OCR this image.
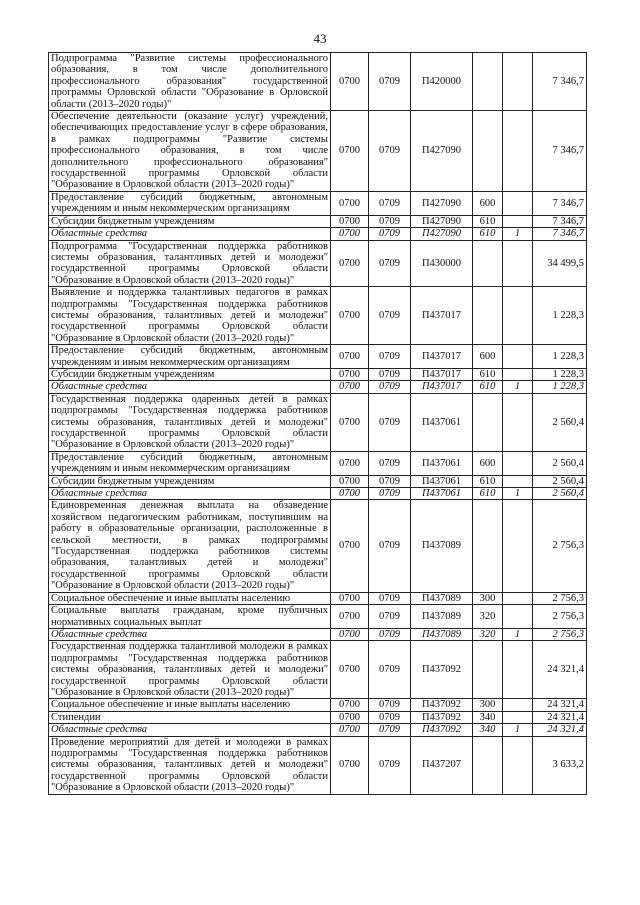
43
Подпрограмма "Развитие системы профессионального образования, в том числе дополнительного профессионального образования" государственной программы Орловской области "Образование в Орловской области (2013–2020 годы)"	0700	0709	П420000			7 346,7
Обеспечение деятельности (оказание услуг) учреждений, обеспечивающих предоставление услуг в сфере образования, в рамках подпрограммы "Развитие системы профессионального образования, в том числе дополнительного профессионального образования" государственной программы Орловской области "Образование в Орловской области (2013–2020 годы)"	0700	0709	П427090			7 346,7
Предоставление субсидий бюджетным, автономным учреждениям и иным некоммерческим организациям	0700	0709	П427090	600		7 346,7
Субсидии бюджетным учреждениям	0700	0709	П427090	610		7 346,7
Областные средства	0700	0709	П427090	610	1	7 346,7
Подпрограмма "Государственная поддержка работников системы образования, талантливых детей и молодежи" государственной программы Орловской области "Образование в Орловской области (2013–2020 годы)"	0700	0709	П430000			34 499,5
Выявление и поддержка талантливых педагогов в рамках подпрограммы "Государственная поддержка работников системы образования, талантливых детей и молодежи" государственной программы Орловской области "Образование в Орловской области (2013–2020 годы)"	0700	0709	П437017			1 228,3
Предоставление субсидий бюджетным, автономным учреждениям и иным некоммерческим организациям	0700	0709	П437017	600		1 228,3
Субсидии бюджетным учреждениям	0700	0709	П437017	610		1 228,3
Областные средства	0700	0709	П437017	610	1	1 228,3
Государственная поддержка одаренных детей в рамках подпрограммы "Государственная поддержка работников системы образования, талантливых детей и молодежи" государственной программы Орловской области "Образование в Орловской области (2013–2020 годы)"	0700	0709	П437061			2 560,4
Предоставление субсидий бюджетным, автономным учреждениям и иным некоммерческим организациям	0700	0709	П437061	600		2 560,4
Субсидии бюджетным учреждениям	0700	0709	П437061	610		2 560,4
Областные средства	0700	0709	П437061	610	1	2 560,4
Единовременная денежная выплата на обзаведение хозяйством педагогическим работникам, поступившим на работу в образовательные организации, расположенные в сельской местности, в рамках подпрограммы "Государственная поддержка работников системы образования, талантливых детей и молодежи" государственной программы Орловской области "Образование в Орловской области (2013–2020 годы)"	0700	0709	П437089			2 756,3
Социальное обеспечение и иные выплаты населению	0700	0709	П437089	300		2 756,3
Социальные выплаты гражданам, кроме публичных нормативных социальных выплат	0700	0709	П437089	320		2 756,3
Областные средства	0700	0709	П437089	320	1	2 756,3
Государственная поддержка талантливой молодежи в рамках подпрограммы "Государственная поддержка работников системы образования, талантливых детей и молодежи" государственной программы Орловской области "Образование в Орловской области (2013–2020 годы)"	0700	0709	П437092			24 321,4
Социальное обеспечение и иные выплаты населению	0700	0709	П437092	300		24 321,4
Стипендии	0700	0709	П437092	340		24 321,4
Областные средства	0700	0709	П437092	340	1	24 321,4
Проведение мероприятий для детей и молодежи в рамках подпрограммы "Государственная поддержка работников системы образования, талантливых детей и молодежи" государственной программы Орловской области "Образование в Орловской области (2013–2020 годы)"	0700	0709	П437207			3 633,2
